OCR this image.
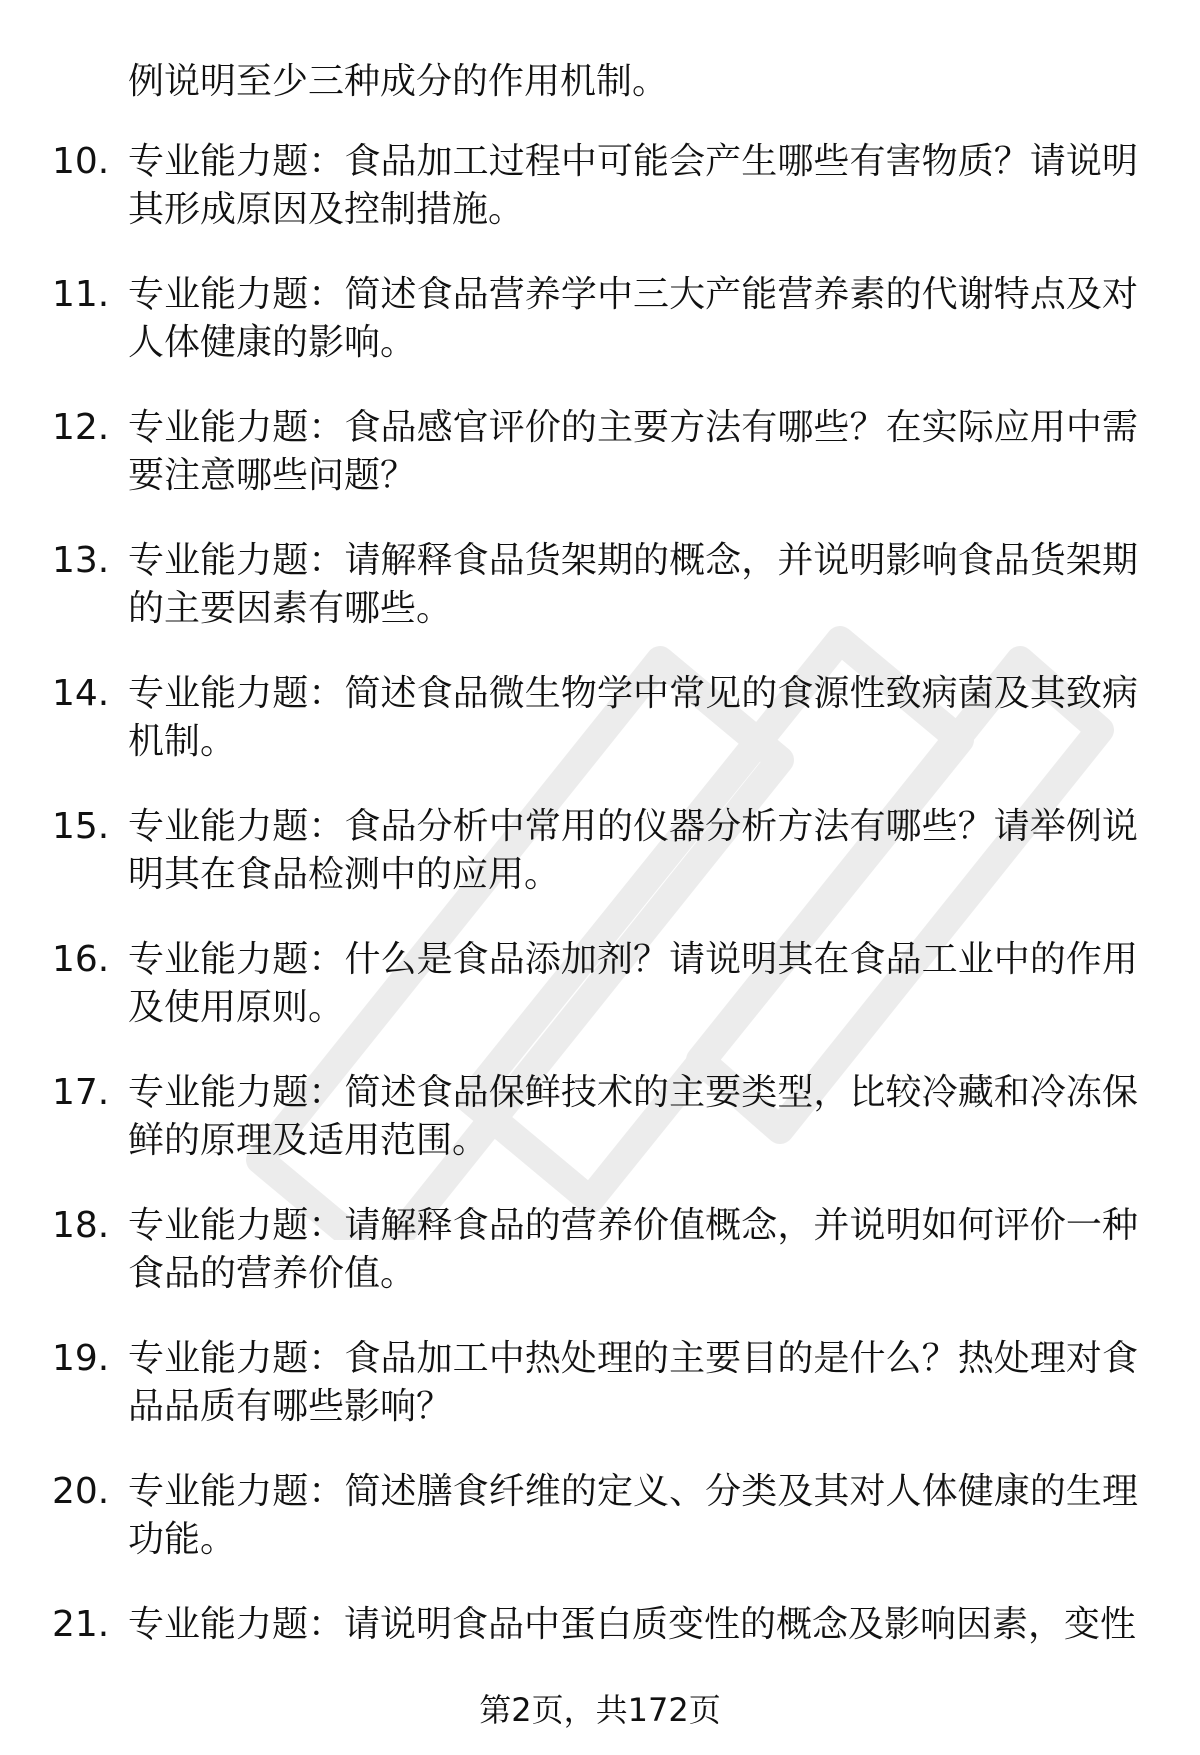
例说明至少三种成分的作用机制。
10. 专业能力题：食品加工过程中可能会产生哪些有害物质？请说明其形成原因及控制措施。
11. 专业能力题：简述食品营养学中三大产能营养素的代谢特点及对人体健康的影响。
12. 专业能力题：食品感官评价的主要方法有哪些？在实际应用中需要注意哪些问题？
13. 专业能力题：请解释食品货架期的概念，并说明影响食品货架期的主要因素有哪些。
14. 专业能力题：简述食品微生物学中常见的食源性致病菌及其致病机制。
15. 专业能力题：食品分析中常用的仪器分析方法有哪些？请举例说明其在食品检测中的应用。
16. 专业能力题：什么是食品添加剂？请说明其在食品工业中的作用及使用原则。
17. 专业能力题：简述食品保鲜技术的主要类型，比较冷藏和冷冻保鲜的原理及适用范围。
18. 专业能力题：请解释食品的营养价值概念，并说明如何评价一种食品的营养价值。
19. 专业能力题：食品加工中热处理的主要目的是什么？热处理对食品品质有哪些影响？
20. 专业能力题：简述膳食纤维的定义、分类及其对人体健康的生理功能。
21. 专业能力题：请说明食品中蛋白质变性的概念及影响因素，变性
第2页，共172页
